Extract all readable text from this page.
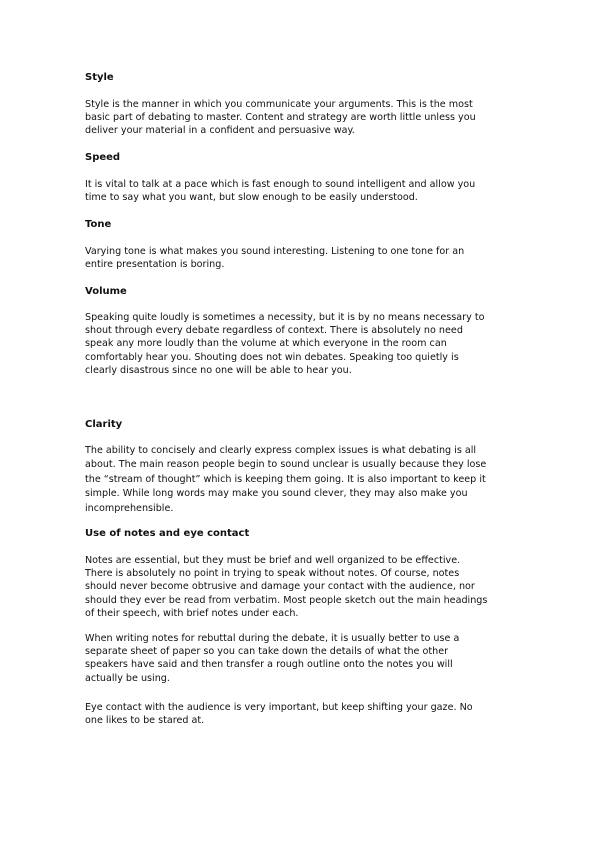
Style
Style is the manner in which you communicate your arguments. This is the most
basic part of debating to master. Content and strategy are worth little unless you
deliver your material in a confident and persuasive way.
Speed
It is vital to talk at a pace which is fast enough to sound intelligent and allow you
time to say what you want, but slow enough to be easily understood.
Tone
Varying tone is what makes you sound interesting. Listening to one tone for an
entire presentation is boring.
Volume
Speaking quite loudly is sometimes a necessity, but it is by no means necessary to
shout through every debate regardless of context. There is absolutely no need
speak any more loudly than the volume at which everyone in the room can
comfortably hear you. Shouting does not win debates. Speaking too quietly is
clearly disastrous since no one will be able to hear you.
Clarity
The ability to concisely and clearly express complex issues is what debating is all
about. The main reason people begin to sound unclear is usually because they lose
the “stream of thought” which is keeping them going. It is also important to keep it
simple. While long words may make you sound clever, they may also make you
incomprehensible.
Use of notes and eye contact
Notes are essential, but they must be brief and well organized to be effective.
There is absolutely no point in trying to speak without notes. Of course, notes
should never become obtrusive and damage your contact with the audience, nor
should they ever be read from verbatim. Most people sketch out the main headings
of their speech, with brief notes under each.
When writing notes for rebuttal during the debate, it is usually better to use a
separate sheet of paper so you can take down the details of what the other
speakers have said and then transfer a rough outline onto the notes you will
actually be using.
Eye contact with the audience is very important, but keep shifting your gaze. No
one likes to be stared at.
